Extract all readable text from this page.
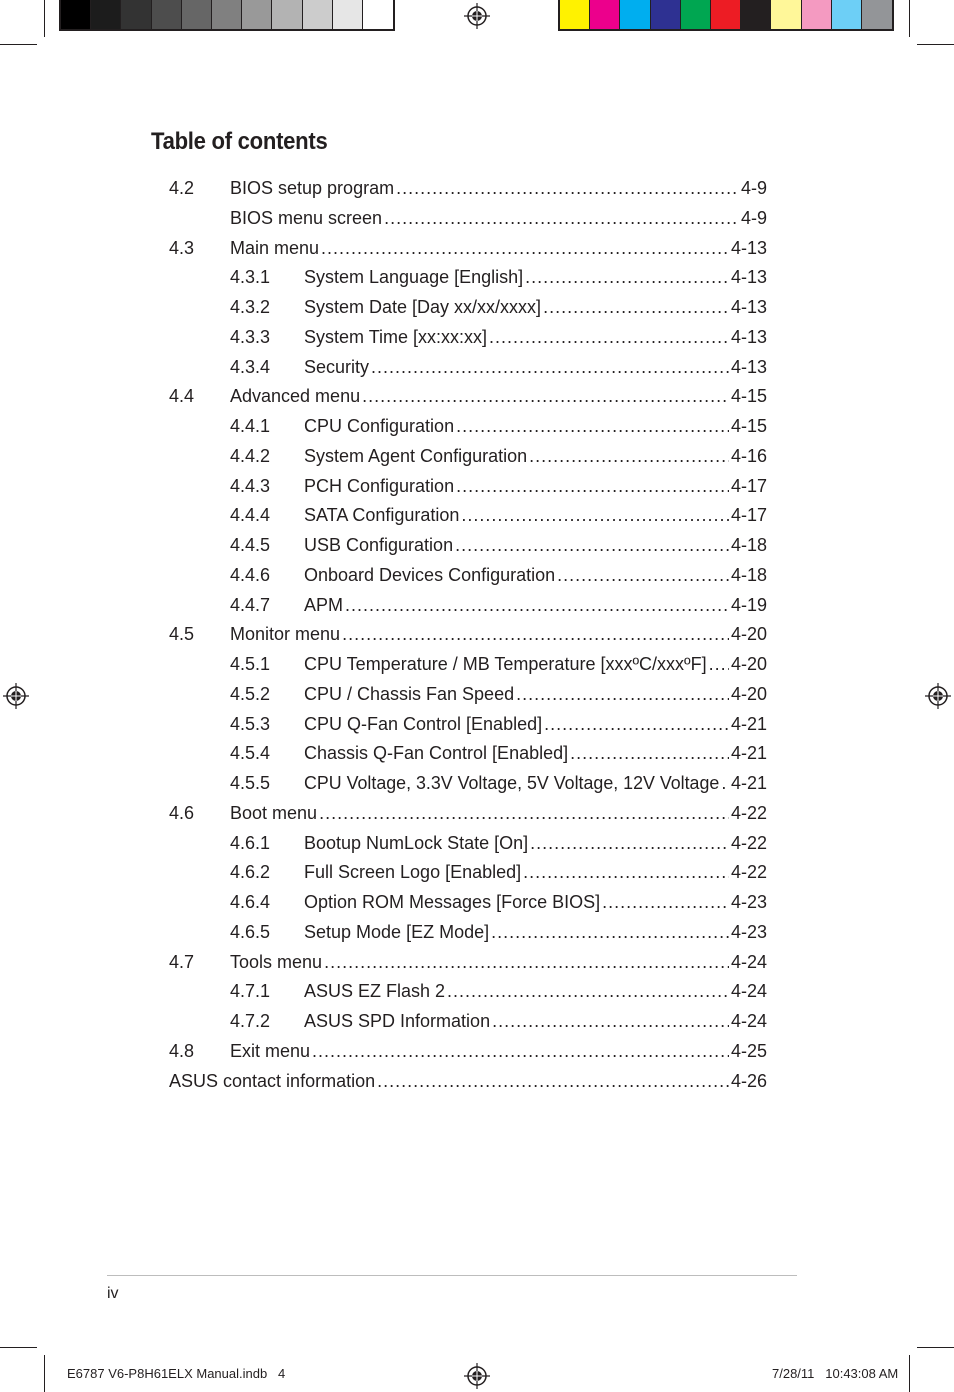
Table of contents
4.2	BIOS setup program .....	4-9
BIOS menu screen .....	4-9
4.3	Main menu .....	4-13
4.3.1	System Language [English] .....	4-13
4.3.2	System Date [Day xx/xx/xxxx] .....	4-13
4.3.3	System Time [xx:xx:xx] .....	4-13
4.3.4	Security .....	4-13
4.4	Advanced menu .....	4-15
4.4.1	CPU Configuration .....	4-15
4.4.2	System Agent Configuration .....	4-16
4.4.3	PCH Configuration .....	4-17
4.4.4	SATA Configuration .....	4-17
4.4.5	USB Configuration .....	4-18
4.4.6	Onboard Devices Configuration .....	4-18
4.4.7	APM .....	4-19
4.5	Monitor menu .....	4-20
4.5.1	CPU Temperature / MB Temperature [xxxºC/xxxºF] ..... 4-20
4.5.2	CPU / Chassis Fan Speed .....	4-20
4.5.3	CPU Q-Fan Control [Enabled] .....	4-21
4.5.4	Chassis Q-Fan Control [Enabled] .....	4-21
4.5.5	CPU Voltage, 3.3V Voltage, 5V Voltage, 12V Voltage ..... 4-21
4.6	Boot menu .....	4-22
4.6.1	Bootup NumLock State [On] .....	4-22
4.6.2	Full Screen Logo [Enabled] .....	4-22
4.6.4	Option ROM Messages [Force BIOS] .....	4-23
4.6.5	Setup Mode [EZ Mode] .....	4-23
4.7	Tools menu .....	4-24
4.7.1	ASUS EZ Flash 2 .....	4-24
4.7.2	ASUS SPD Information .....	4-24
4.8	Exit menu .....	4-25
ASUS contact information .....	4-26
iv
E6787 V6-P8H61ELX Manual.indb   4	7/28/11   10:43:08 AM
